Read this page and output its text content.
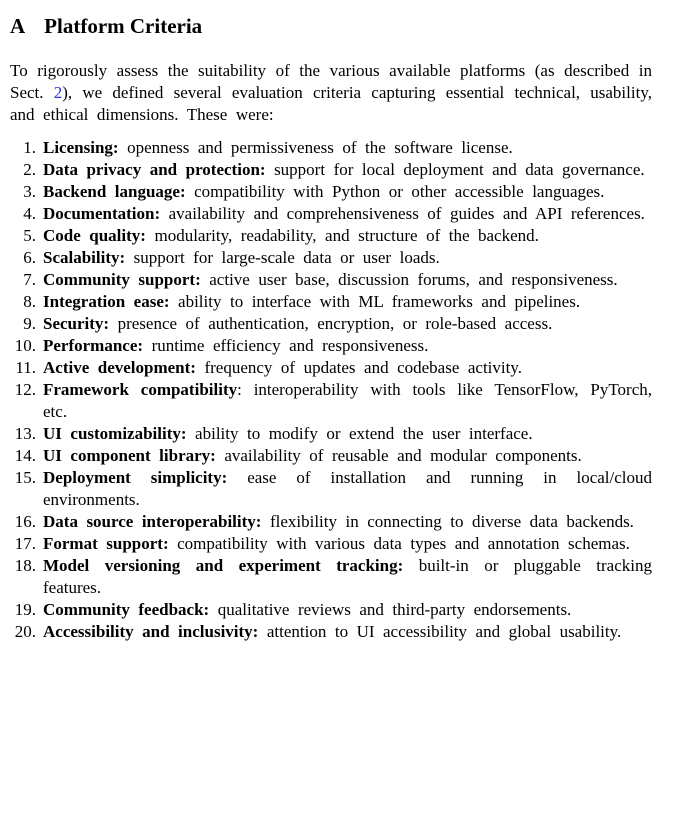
A Platform Criteria

To rigorously assess the suitability of the various available platforms (as described in Sect. 2), we defined several evaluation criteria capturing essential technical, usability, and ethical dimensions. These were:

1. Licensing: openness and permissiveness of the software license.
2. Data privacy and protection: support for local deployment and data governance.
3. Backend language: compatibility with Python or other accessible languages.
4. Documentation: availability and comprehensiveness of guides and API references.
5. Code quality: modularity, readability, and structure of the backend.
6. Scalability: support for large-scale data or user loads.
7. Community support: active user base, discussion forums, and responsiveness.
8. Integration ease: ability to interface with ML frameworks and pipelines.
9. Security: presence of authentication, encryption, or role-based access.
10. Performance: runtime efficiency and responsiveness.
11. Active development: frequency of updates and codebase activity.
12. Framework compatibility: interoperability with tools like TensorFlow, PyTorch, etc.
13. UI customizability: ability to modify or extend the user interface.
14. UI component library: availability of reusable and modular components.
15. Deployment simplicity: ease of installation and running in local/cloud environments.
16. Data source interoperability: flexibility in connecting to diverse data backends.
17. Format support: compatibility with various data types and annotation schemas.
18. Model versioning and experiment tracking: built-in or pluggable tracking features.
19. Community feedback: qualitative reviews and third-party endorsements.
20. Accessibility and inclusivity: attention to UI accessibility and global usability.
